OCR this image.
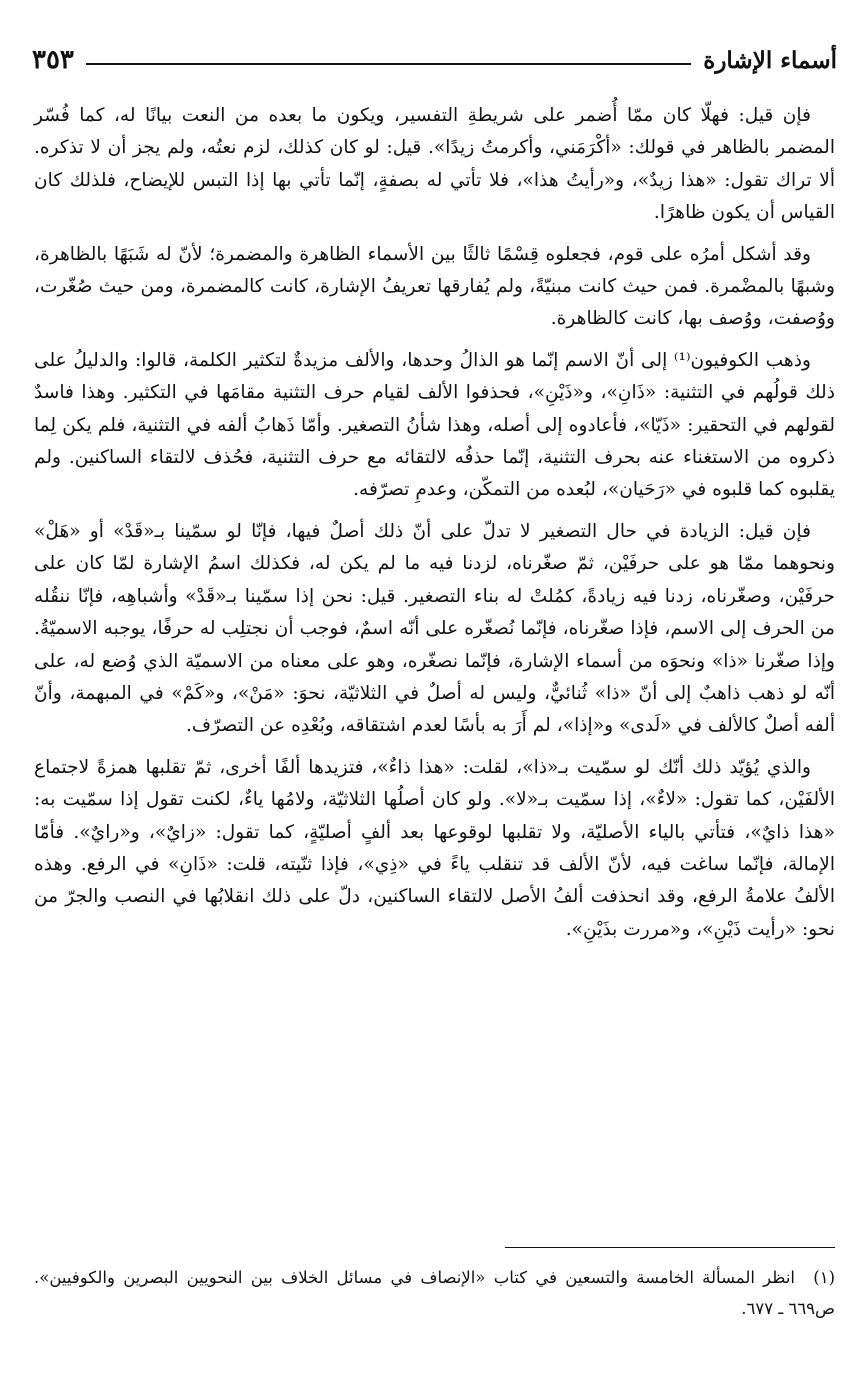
أسماء الإشارة
٣٥٣

فإن قيل: فهلّا كان ممّا أُضمر على شريطةِ التفسير، ويكون ما بعده من النعت بيانًا له، كما فُسّر المضمر بالظاهر في قولك: «أكْرَمَني، وأكرمتُ زيدًا». قيل: لو كان كذلك، لزم نعتُه، ولم يجز أن لا تذكره. ألا تراك تقول: «هذا زيدٌ»، و«رأيتُ هذا»، فلا تأتي له بصفةٍ، إنّما تأتي بها إذا التبس للإيضاح، فلذلك كان القياس أن يكون ظاهرًا.

وقد أشكل أمرُه على قوم، فجعلوه قِسْمًا ثالثًا بين الأسماء الظاهرة والمضمرة؛ لأنّ له شَبَهًا بالظاهرة، وشبهًا بالمضْمرة. فمن حيث كانت مبنيّةً، ولم يُفارقها تعريفُ الإشارة، كانت كالمضمرة، ومن حيث صُغّرت، ووُصفت، ووُصف بها، كانت كالظاهرة.

وذهب الكوفيون⁽¹⁾ إلى أنّ الاسم إنّما هو الذالُ وحدها، والألف مزيدةٌ لتكثير الكلمة، قالوا: والدليلُ على ذلك قولُهم في التثنية: «ذَانِ»، و«ذَيْنِ»، فحذفوا الألف لقيام حرف التثنية مقامَها في التكثير. وهذا فاسدٌ لقولهم في التحقير: «ذَيّا»، فأعادوه إلى أصله، وهذا شأنُ التصغير. وأمّا ذَهابُ ألفه في التثنية، فلم يكن لِما ذكروه من الاستغناء عنه بحرف التثنية، إنّما حذفُه لالتقائه مع حرف التثنية، فحُذف لالتقاء الساكنين. ولم يقلبوه كما قلبوه في «رَحَيان»، لبُعده من التمكّن، وعدمِ تصرّفه.

فإن قيل: الزيادة في حال التصغير لا تدلّ على أنّ ذلك أصلٌ فيها، فإنّا لو سمّينا بـ«قَدْ» أو «هَلْ» ونحوهما ممّا هو على حرفَيْن، ثمّ صغّرناه، لزدنا فيه ما لم يكن له، فكذلك اسمُ الإشارة لمّا كان على حرفَيْن، وصغّرناه، زدنا فيه زيادةً، كمُلتْ له بناء التصغير. قيل: نحن إذا سمّينا بـ«قَدْ» وأشباهِه، فإنّا ننقُله من الحرف إلى الاسم، فإذا صغّرناه، فإنّما نُصغّره على أنّه اسمٌ، فوجب أن نجتلِب له حرفًا، يوجبه الاسميّةُ. وإذا صغّرنا «ذا» ونحوَه من أسماء الإشارة، فإنّما نصغّره، وهو على معناه من الاسميّة الذي وُضع له، على أنّه لو ذهب ذاهبٌ إلى أنّ «ذا» ثُنائيٌّ، وليس له أصلٌ في الثلاثيّة، نحوَ: «مَنْ»، و«كَمْ» في المبهمة، وأنّ ألفه أصلٌ كالألف في «لَدى» و«إذا»، لم أَرَ به بأسًا لعدم اشتقاقه، وبُعْدِه عن التصرّف.

والذي يُؤيّد ذلك أنّك لو سمّيت بـ«ذا»، لقلت: «هذا ذاءٌ»، فتزيدها ألفًا أخرى، ثمّ تقلبها همزةً لاجتماع الألفَيْن، كما تقول: «لاءٌ»، إذا سمّيت بـ«لا». ولو كان أصلُها الثلاثيّة، ولامُها ياءٌ، لكنت تقول إذا سمّيت به: «هذا ذايٌ»، فتأتي بالياء الأصليّة، ولا تقلبها لوقوعها بعد ألفٍ أصليّةٍ، كما تقول: «زايٌ»، و«رايٌ». فأمّا الإمالة، فإنّما ساغت فيه، لأنّ الألف قد تنقلب ياءً في «ذِي»، فإذا ثنّيته، قلت: «ذَانِ» في الرفع. وهذه الألفُ علامةُ الرفع، وقد انحذفت ألفُ الأصل لالتقاء الساكنين، دلّ على ذلك انقلابُها في النصب والجرّ من نحو: «رأيت ذَيْنِ»، و«مررت بذَيْنِ».

(١) انظر المسألة الخامسة والتسعين في كتاب «الإنصاف في مسائل الخلاف بين النحويين البصرين والكوفيين». ص٦٦٩ ـ ٦٧٧.
